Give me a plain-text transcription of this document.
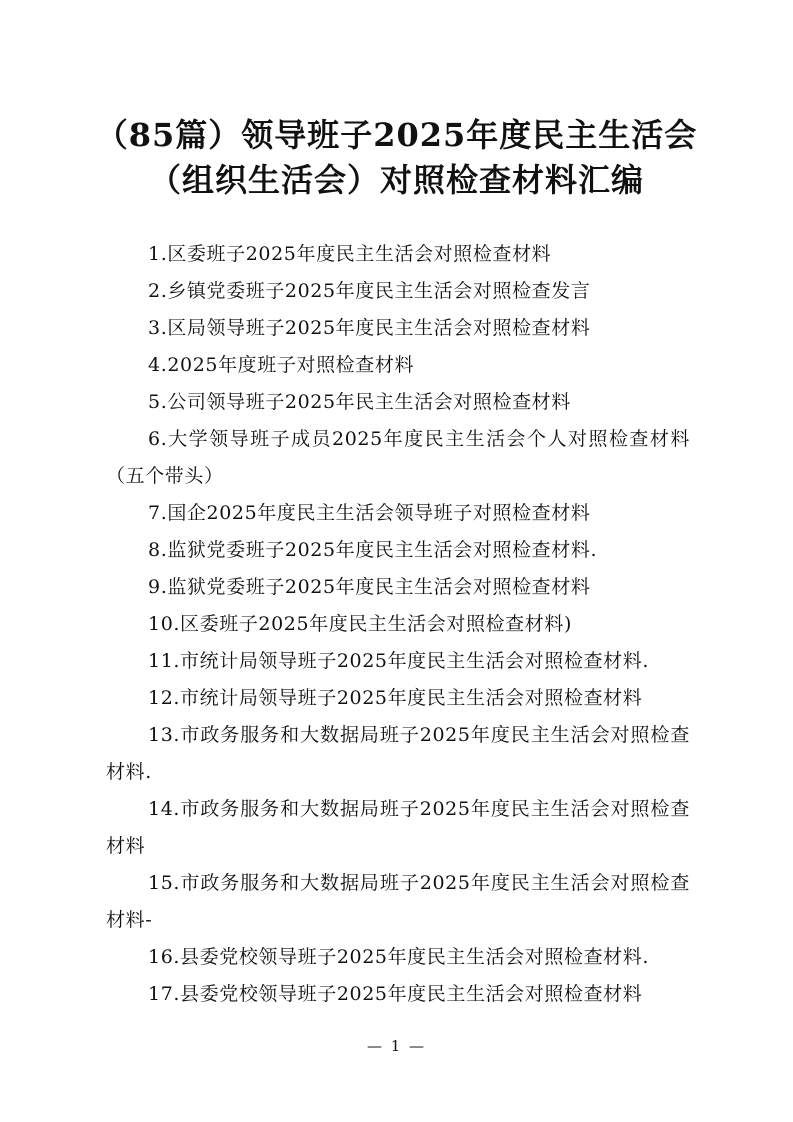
（85篇）领导班子2025年度民主生活会
（组织生活会）对照检查材料汇编
1.区委班子2025年度民主生活会对照检查材料
2.乡镇党委班子2025年度民主生活会对照检查发言
3.区局领导班子2025年度民主生活会对照检查材料
4.2025年度班子对照检查材料
5.公司领导班子2025年民主生活会对照检查材料
6.大学领导班子成员2025年度民主生活会个人对照检查材料（五个带头）
7.国企2025年度民主生活会领导班子对照检查材料
8.监狱党委班子2025年度民主生活会对照检查材料.
9.监狱党委班子2025年度民主生活会对照检查材料
10.区委班子2025年度民主生活会对照检查材料)
11.市统计局领导班子2025年度民主生活会对照检查材料.
12.市统计局领导班子2025年度民主生活会对照检查材料
13.市政务服务和大数据局班子2025年度民主生活会对照检查材料.
14.市政务服务和大数据局班子2025年度民主生活会对照检查材料
15.市政务服务和大数据局班子2025年度民主生活会对照检查材料-
16.县委党校领导班子2025年度民主生活会对照检查材料.
17.县委党校领导班子2025年度民主生活会对照检查材料
— 1 —
